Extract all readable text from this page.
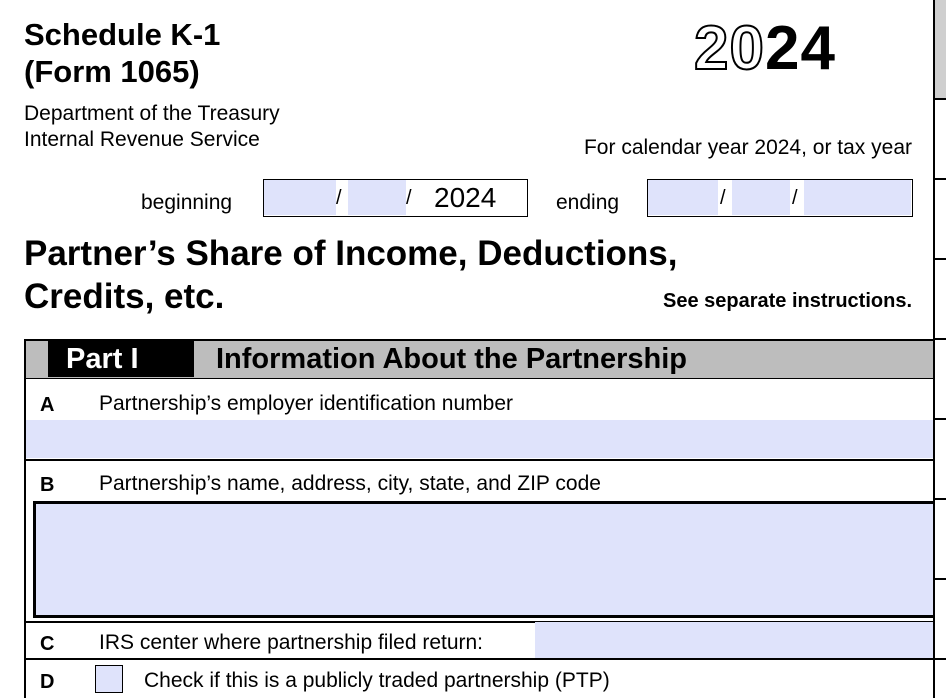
Schedule K-1
(Form 1065)
Department of the Treasury
Internal Revenue Service
2024
For calendar year 2024, or tax year
beginning	/	/ 2024	ending	/	/
Partner’s Share of Income, Deductions,
Credits, etc.	See separate instructions.
Part I	Information About the Partnership
A Partnership’s employer identification number
B Partnership’s name, address, city, state, and ZIP code
C IRS center where partnership filed return:
D	Check if this is a publicly traded partnership (PTP)
